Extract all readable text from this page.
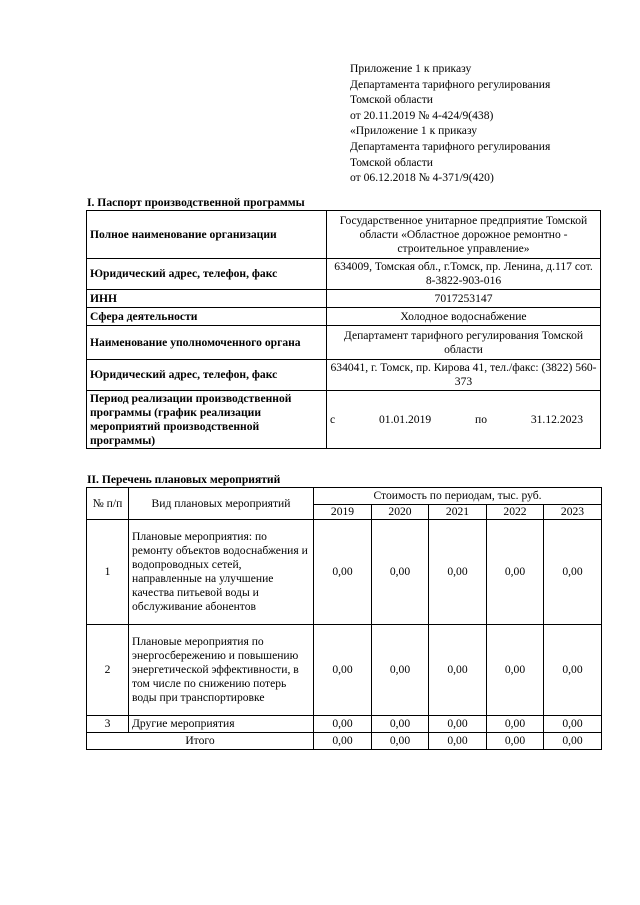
Приложение 1 к приказу
Департамента тарифного регулирования
Томской области
от 20.11.2019 № 4-424/9(438)
«Приложение 1 к приказу
Департамента тарифного регулирования
Томской области
от 06.12.2018 № 4-371/9(420)
I. Паспорт производственной программы
Полное наименование организации	Государственное унитарное предприятие Томской области «Областное дорожное ремонтно - строительное управление»
Юридический адрес, телефон, факс	634009, Томская обл., г.Томск, пр. Ленина, д.117 сот. 8-3822-903-016
ИНН	7017253147
Сфера деятельности	Холодное водоснабжение
Наименование уполномоченного органа	Департамент тарифного регулирования Томской области
Юридический адрес, телефон, факс	634041, г. Томск, пр. Кирова 41, тел./факс: (3822) 560-373
Период реализации производственной программы (график реализации мероприятий производственной программы)	с 01.01.2019 по 31.12.2023
II. Перечень плановых мероприятий
№ п/п	Вид плановых мероприятий	Стоимость по периодам, тыс. руб.				
		2019	2020	2021	2022	2023
1	Плановые мероприятия: по ремонту объектов водоснабжения и водопроводных сетей, направленные на улучшение качества питьевой воды и обслуживание абонентов	0,00	0,00	0,00	0,00	0,00
2	Плановые мероприятия по энергосбережению и повышению энергетической эффективности, в том числе по снижению потерь воды при транспортировке	0,00	0,00	0,00	0,00	0,00
3	Другие мероприятия	0,00	0,00	0,00	0,00	0,00
Итого		0,00	0,00	0,00	0,00	0,00
